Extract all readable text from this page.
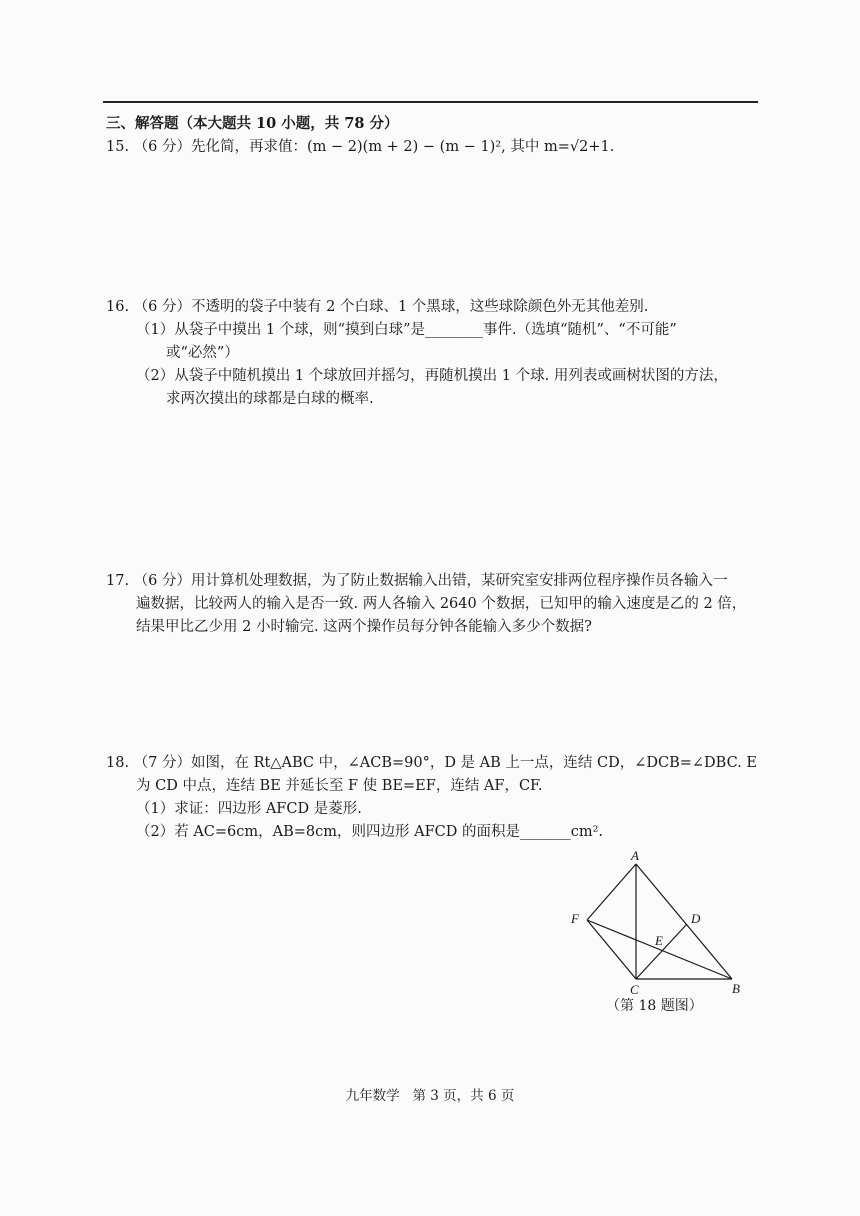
三、解答题（本大题共 10 小题，共 78 分）
15. （6 分）先化简，再求值：(m − 2)(m + 2) − (m − 1)², 其中 m=√2+1.
16. （6 分）不透明的袋子中装有 2 个白球、1 个黑球，这些球除颜色外无其他差别.
（1）从袋子中摸出 1 个球，则“摸到白球”是________事件.（选填“随机”、“不可能”
或“必然”）
（2）从袋子中随机摸出 1 个球放回并摇匀，再随机摸出 1 个球. 用列表或画树状图的方法，
求两次摸出的球都是白球的概率.
17. （6 分）用计算机处理数据，为了防止数据输入出错，某研究室安排两位程序操作员各输入一
遍数据，比较两人的输入是否一致. 两人各输入 2640 个数据，已知甲的输入速度是乙的 2 倍，
结果甲比乙少用 2 小时输完. 这两个操作员每分钟各能输入多少个数据?
18. （7 分）如图，在 Rt△ABC 中，∠ACB=90°，D 是 AB 上一点，连结 CD，∠DCB=∠DBC. E
为 CD 中点，连结 BE 并延长至 F 使 BE=EF，连结 AF，CF.
（1）求证：四边形 AFCD 是菱形.
（2）若 AC=6cm，AB=8cm，则四边形 AFCD 的面积是_______cm².
A
B
C
D
E
F
（第 18 题图）
九年数学 第 3 页，共 6 页
